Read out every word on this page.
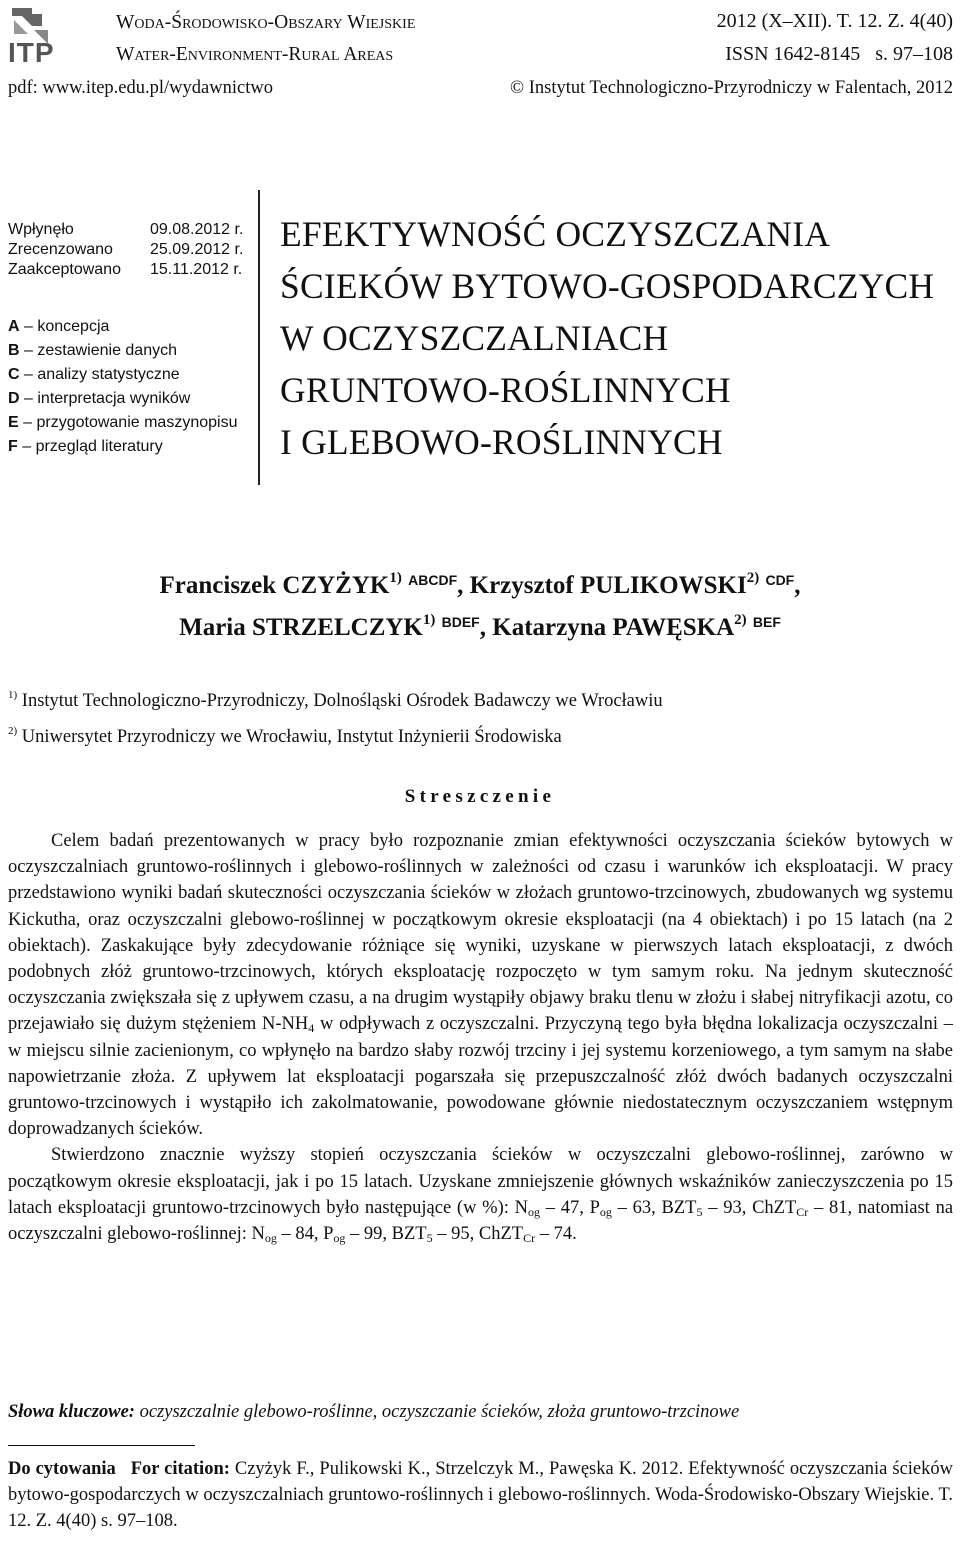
ITP
Woda-Środowisko-Obszary Wiejskie
Water-Environment-Rural Areas
2012 (X–XII). T. 12. Z. 4(40)
ISSN 1642-8145 s. 97–108
pdf: www.itep.edu.pl/wydawnictwo	© Instytut Technologiczno-Przyrodniczy w Falentach, 2012
Wpłynęło	09.08.2012 r.
Zrecenzowano	25.09.2012 r.
Zaakceptowano	15.11.2012 r.
A – koncepcja
B – zestawienie danych
C – analizy statystyczne
D – interpretacja wyników
E – przygotowanie maszynopisu
F – przegląd literatury
EFEKTYWNOŚĆ OCZYSZCZANIA
ŚCIEKÓW BYTOWO-GOSPODARCZYCH
W OCZYSZCZALNIACH
GRUNTOWO-ROŚLINNYCH
I GLEBOWO-ROŚLINNYCH
Franciszek CZYŻYK$^{1)}$ $^{ABCDF}$, Krzysztof PULIKOWSKI$^{2)}$ $^{CDF}$,
Maria STRZELCZYK$^{1)}$ $^{BDEF}$, Katarzyna PAWĘSKA$^{2)}$ $^{BEF}$
$^{1)}$ Instytut Technologiczno-Przyrodniczy, Dolnośląski Ośrodek Badawczy we Wrocławiu
$^{2)}$ Uniwersytet Przyrodniczy we Wrocławiu, Instytut Inżynierii Środowiska
Streszczenie

Celem badań prezentowanych w pracy było rozpoznanie zmian efektywności oczyszczania ścieków bytowych w oczyszczalniach gruntowo-roślinnych i glebowo-roślinnych w zależności od czasu i warunków ich eksploatacji. W pracy przedstawiono wyniki badań skuteczności oczyszczania ścieków w złożach gruntowo-trzcinowych, zbudowanych wg systemu Kickutha, oraz oczyszczalni glebowo-roślinnej w początkowym okresie eksploatacji (na 4 obiektach) i po 15 latach (na 2 obiektach). Zaskakujące były zdecydowanie różniące się wyniki, uzyskane w pierwszych latach eksploatacji, z dwóch podobnych złóż gruntowo-trzcinowych, których eksploatację rozpoczęto w tym samym roku. Na jednym skuteczność oczyszczania zwiększała się z upływem czasu, a na drugim wystąpiły objawy braku tlenu w złożu i słabej nitryfikacji azotu, co przejawiało się dużym stężeniem $N-NH_4$ w odpływach z oczyszczalni. Przyczyną tego była błędna lokalizacja oczyszczalni – w miejscu silnie zacienionym, co wpłynęło na bardzo słaby rozwój trzciny i jej systemu korzeniowego, a tym samym na słabe napowietrzanie złoża. Z upływem lat eksploatacji pogarszała się przepuszczalność złóż dwóch badanych oczyszczalni gruntowo-trzcinowych i wystąpiło ich zakolmatowanie, powodowane głównie niedostatecznym oczyszczaniem wstępnym doprowadzanych ścieków.

Stwierdzono znacznie wyższy stopień oczyszczania ścieków w oczyszczalni glebowo-roślinnej, zarówno w początkowym okresie eksploatacji, jak i po 15 latach. Uzyskane zmniejszenie głównych wskaźników zanieczyszczenia po 15 latach eksploatacji gruntowo-trzcinowych było następujące (w %): $N_{og} - 47$, $P_{og} - 63$, $BZT_5 - 93$, ChZT$_{Cr}$ – 81, natomiast na oczyszczalni glebowo-roślinnej: $N_{og} - 84$, $P_{og} - 99$, $BZT_5 - 95$, ChZT$_{Cr}$ – 74.

Słowa kluczowe: oczyszczalnie glebowo-roślinne, oczyszczanie ścieków, złoża gruntowo-trzcinowe
Do cytowania For citation: Czyżyk F., Pulikowski K., Strzelczyk M., Pawęska K. 2012. Efektywność oczyszczania ścieków bytowo-gospodarczych w oczyszczalniach gruntowo-roślinnych i glebowo-roślinnych. Woda-Środowisko-Obszary Wiejskie. T. 12. Z. 4(40) s. 97–108.
